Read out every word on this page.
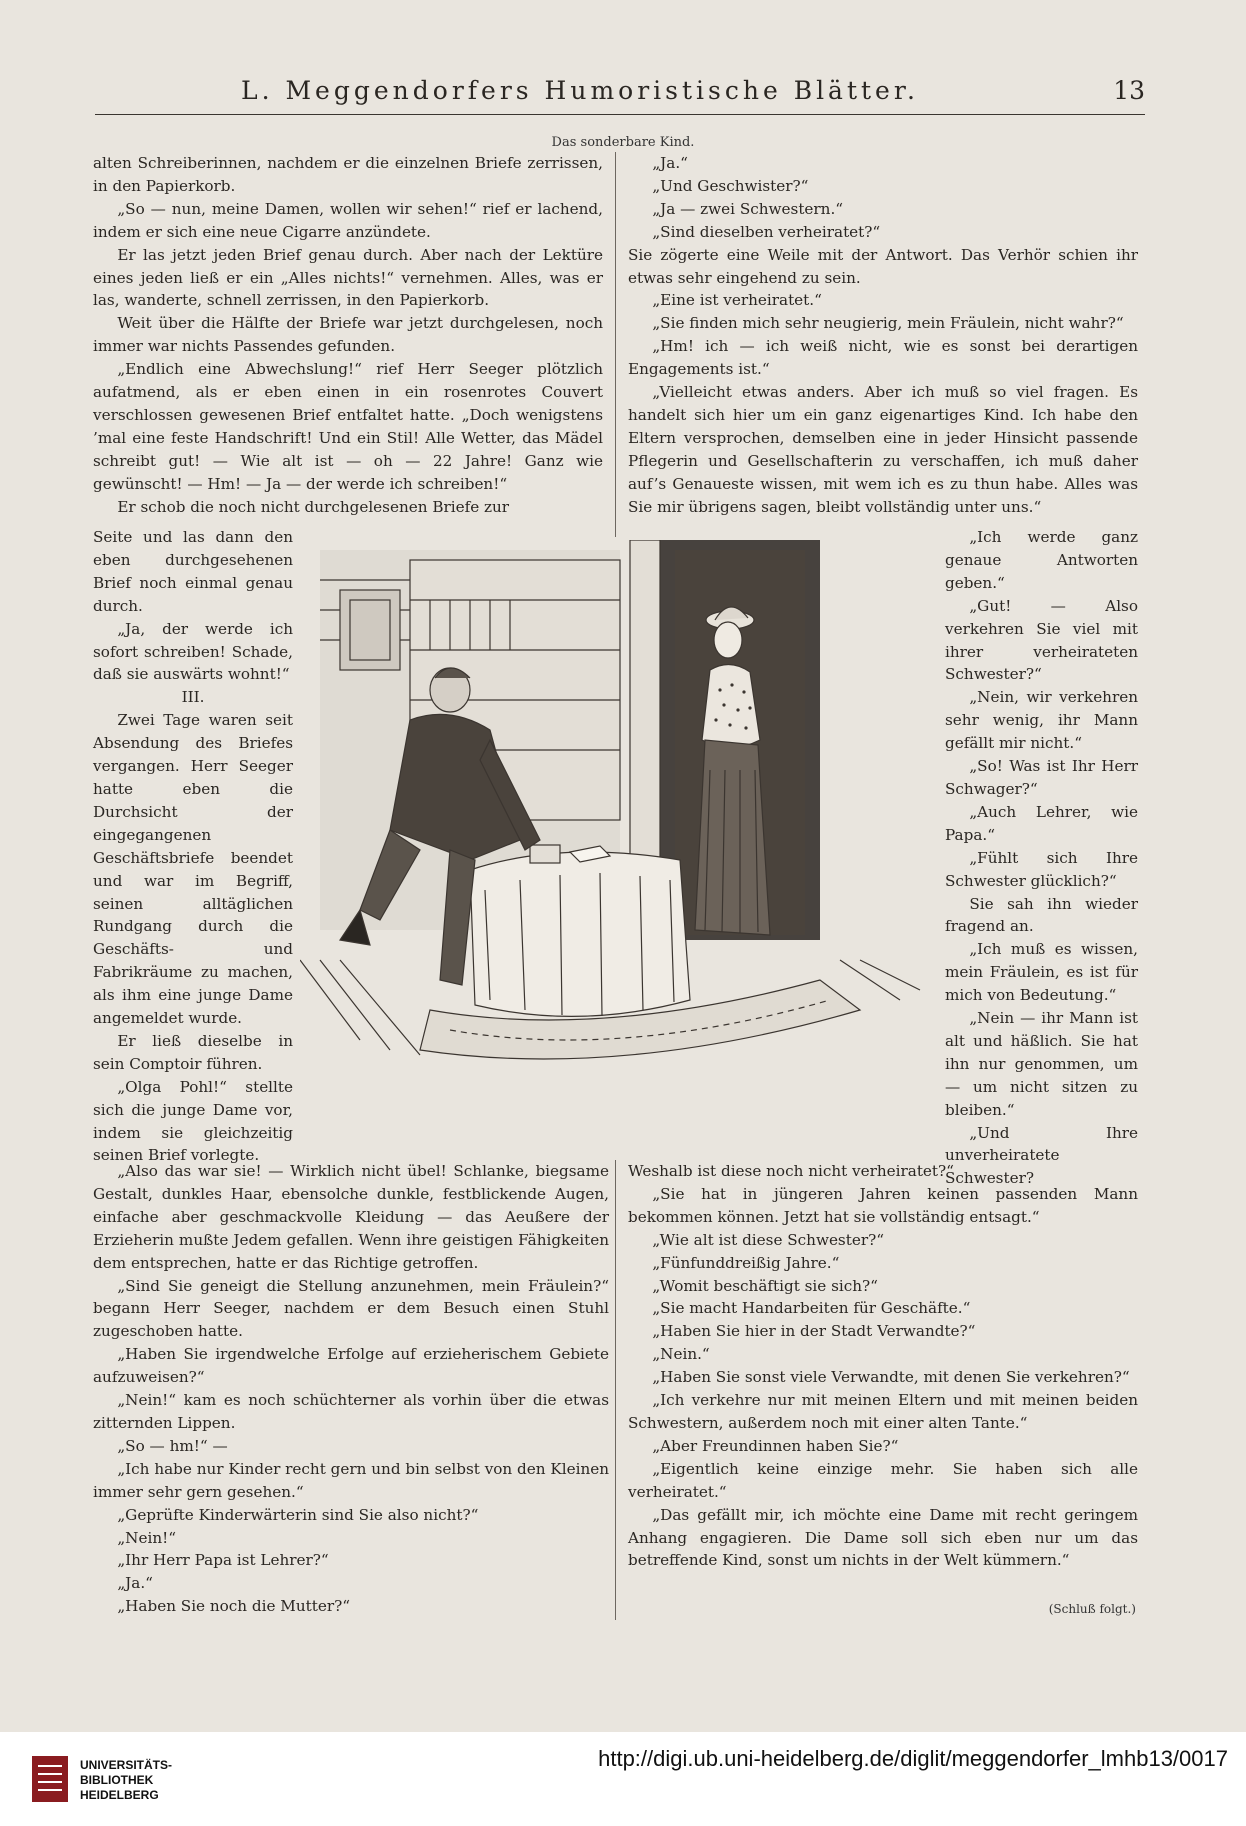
L. Meggendorfers Humoristische Blätter.	13
Das sonderbare Kind.

alten Schreiberinnen, nachdem er die einzelnen Briefe zerrissen, in den Papierkorb.

„So — nun, meine Damen, wollen wir sehen!“ rief er lachend, indem er sich eine neue Cigarre anzündete.

Er las jetzt jeden Brief genau durch. Aber nach der Lektüre eines jeden ließ er ein „Alles nichts!“ vernehmen. Alles, was er las, wanderte, schnell zerrissen, in den Papierkorb.

Weit über die Hälfte der Briefe war jetzt durchgelesen, noch immer war nichts Passendes gefunden.

„Endlich eine Abwechslung!“ rief Herr Seeger plötzlich aufatmend, als er eben einen in ein rosenrotes Couvert verschlossen gewesenen Brief entfaltet hatte. „Doch wenigstens ’mal eine feste Handschrift! Und ein Stil! Alle Wetter, das Mädel schreibt gut! — Wie alt ist — oh — 22 Jahre! Ganz wie gewünscht! — Hm! — Ja — der werde ich schreiben!“

Er schob die noch nicht durchgelesenen Briefe zur

Seite und las dann den eben durchgesehenen Brief noch einmal genau durch.

„Ja, der werde ich sofort schreiben! Schade, daß sie auswärts wohnt!“

III.

Zwei Tage waren seit Absendung des Briefes vergangen. Herr Seeger hatte eben die Durchsicht der eingegangenen Geschäftsbriefe beendet und war im Begriff, seinen alltäglichen Rundgang durch die Geschäfts- und Fabrikräume zu machen, als ihm eine junge Dame angemeldet wurde.

Er ließ dieselbe in sein Comptoir führen.

„Olga Pohl!“ stellte sich die junge Dame vor, indem sie gleichzeitig seinen Brief vorlegte.

„Ja.“

„Und Geschwister?“

„Ja — zwei Schwestern.“

„Sind dieselben verheiratet?“

Sie zögerte eine Weile mit der Antwort. Das Verhör schien ihr etwas sehr eingehend zu sein.

„Eine ist verheiratet.“

„Sie finden mich sehr neugierig, mein Fräulein, nicht wahr?“

„Hm! ich — ich weiß nicht, wie es sonst bei derartigen Engagements ist.“

„Vielleicht etwas anders. Aber ich muß so viel fragen. Es handelt sich hier um ein ganz eigenartiges Kind. Ich habe den Eltern versprochen, demselben eine in jeder Hinsicht passende Pflegerin und Gesellschafterin zu verschaffen, ich muß daher auf’s Genaueste wissen, mit wem ich es zu thun habe. Alles was Sie mir übrigens sagen, bleibt vollständig unter uns.“

„Ich werde ganz genaue Antworten geben.“

„Gut! — Also verkehren Sie viel mit ihrer verheirateten Schwester?“

„Nein, wir verkehren sehr wenig, ihr Mann gefällt mir nicht.“

„So! Was ist Ihr Herr Schwager?“

„Auch Lehrer, wie Papa.“

„Fühlt sich Ihre Schwester glücklich?“

Sie sah ihn wieder fragend an.

„Ich muß es wissen, mein Fräulein, es ist für mich von Bedeutung.“

„Nein — ihr Mann ist alt und häßlich. Sie hat ihn nur genommen, um — um nicht sitzen zu bleiben.“

„Und Ihre unverheiratete Schwester?

„Also das war sie! — Wirklich nicht übel! Schlanke, biegsame Gestalt, dunkles Haar, ebensolche dunkle, festblickende Augen, einfache aber geschmackvolle Kleidung — das Aeußere der Erzieherin mußte Jedem gefallen. Wenn ihre geistigen Fähigkeiten dem entsprechen, hatte er das Richtige getroffen.

„Sind Sie geneigt die Stellung anzunehmen, mein Fräulein?“ begann Herr Seeger, nachdem er dem Besuch einen Stuhl zugeschoben hatte.

„Haben Sie irgendwelche Erfolge auf erzieherischem Gebiete aufzuweisen?“

„Nein!“ kam es noch schüchterner als vorhin über die etwas zitternden Lippen.

„So — hm!“ —

„Ich habe nur Kinder recht gern und bin selbst von den Kleinen immer sehr gern gesehen.“

„Geprüfte Kinderwärterin sind Sie also nicht?“

„Nein!“

„Ihr Herr Papa ist Lehrer?“

„Ja.“

„Haben Sie noch die Mutter?“

Weshalb ist diese noch nicht verheiratet?“

„Sie hat in jüngeren Jahren keinen passenden Mann bekommen können. Jetzt hat sie vollständig entsagt.“

„Wie alt ist diese Schwester?“

„Fünfunddreißig Jahre.“

„Womit beschäftigt sie sich?“

„Sie macht Handarbeiten für Geschäfte.“

„Haben Sie hier in der Stadt Verwandte?“

„Nein.“

„Haben Sie sonst viele Verwandte, mit denen Sie verkehren?“

„Ich verkehre nur mit meinen Eltern und mit meinen beiden Schwestern, außerdem noch mit einer alten Tante.“

„Aber Freundinnen haben Sie?“

„Eigentlich keine einzige mehr. Sie haben sich alle verheiratet.“

„Das gefällt mir, ich möchte eine Dame mit recht geringem Anhang engagieren. Die Dame soll sich eben nur um das betreffende Kind, sonst um nichts in der Welt kümmern.“

(Schluß folgt.)
UNIVERSITÄTS-
BIBLIOTHEK
HEIDELBERG
http://digi.ub.uni-heidelberg.de/diglit/meggendorfer_lmhb13/0017
